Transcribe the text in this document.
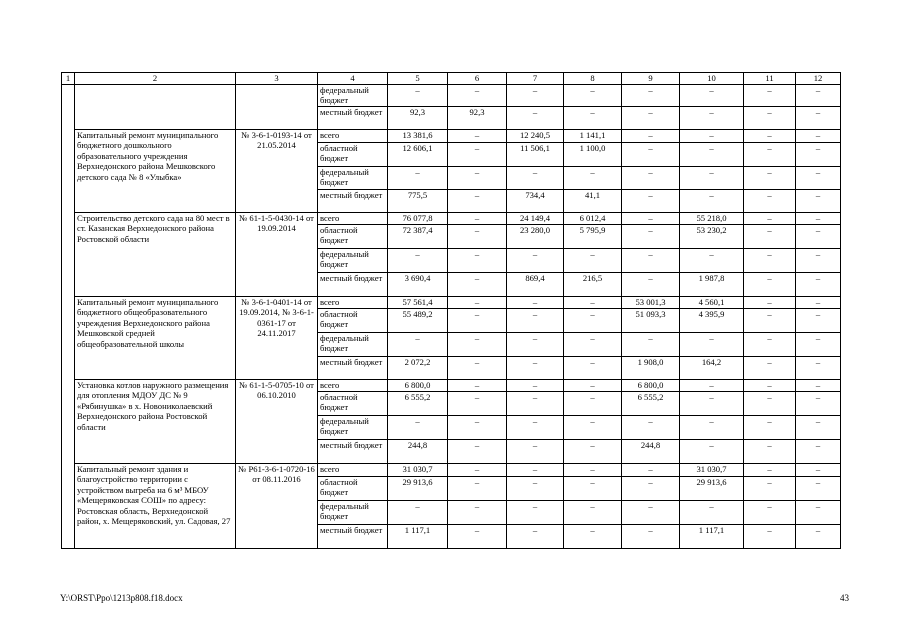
1	2	3	4	5	6	7	8	9	10	11	12
			федеральный бюджет	–	–	–	–	–	–	–	–
			местный бюджет	92,3	92,3	–	–	–	–	–	–
	Капитальный ремонт муниципального бюджетного дошкольного образовательного учреждения Верхнедонского района Мешковского детского сада № 8 «Улыбка»	№ 3-6-1-0193-14 от 21.05.2014	всего	13 381,6	–	12 240,5	1 141,1	–	–	–	–
			областной бюджет	12 606,1	–	11 506,1	1 100,0	–	–	–	–
			федеральный бюджет	–	–	–	–	–	–	–	–
			местный бюджет	775,5	–	734,4	41,1	–	–	–	–
	Строительство детского сада на 80 мест в ст. Казанская Верхнедонского района Ростовской области	№ 61-1-5-0430-14 от 19.09.2014	всего	76 077,8	–	24 149,4	6 012,4	–	55 218,0	–	–
			областной бюджет	72 387,4	–	23 280,0	5 795,9	–	53 230,2	–	–
			федеральный бюджет	–	–	–	–	–	–	–	–
			местный бюджет	3 690,4	–	869,4	216,5	–	1 987,8	–	–
	Капитальный ремонт муниципального бюджетного общеобразовательного учреждения Верхнедонского района Мешковской средней общеобразовательной школы	№ 3-6-1-0401-14 от 19.09.2014, № 3-6-1-0361-17 от 24.11.2017	всего	57 561,4	–	–	–	53 001,3	4 560,1	–	–
			областной бюджет	55 489,2	–	–	–	51 093,3	4 395,9	–	–
			федеральный бюджет	–	–	–	–	–	–	–	–
			местный бюджет	2 072,2	–	–	–	1 908,0	164,2	–	–
	Установка котлов наружного размещения для отопления МДОУ ДС № 9 «Рябинушка» в х. Новониколаевский Верхнедонского района Ростовской области	№ 61-1-5-0705-10 от 06.10.2010	всего	6 800,0	–	–	–	6 800,0	–	–	–
			областной бюджет	6 555,2	–	–	–	6 555,2	–	–	–
			федеральный бюджет	–	–	–	–	–	–	–	–
			местный бюджет	244,8	–	–	–	244,8	–	–	–
	Капитальный ремонт здания и благоустройство территории с устройством выгреба на 6 м³ МБОУ «Мещеряковская СОШ» по адресу: Ростовская область, Верхнедонской район, х. Мещеряковский, ул. Садовая, 27	№ Р61-3-6-1-0720-16 от 08.11.2016	всего	31 030,7	–	–	–	–	31 030,7	–	–
			областной бюджет	29 913,6	–	–	–	–	29 913,6	–	–
			федеральный бюджет	–	–	–	–	–	–	–	–
			местный бюджет	1 117,1	–	–	–	–	1 117,1	–	–
Y:\ORST\Ppo\1213p808.f18.docx	43
